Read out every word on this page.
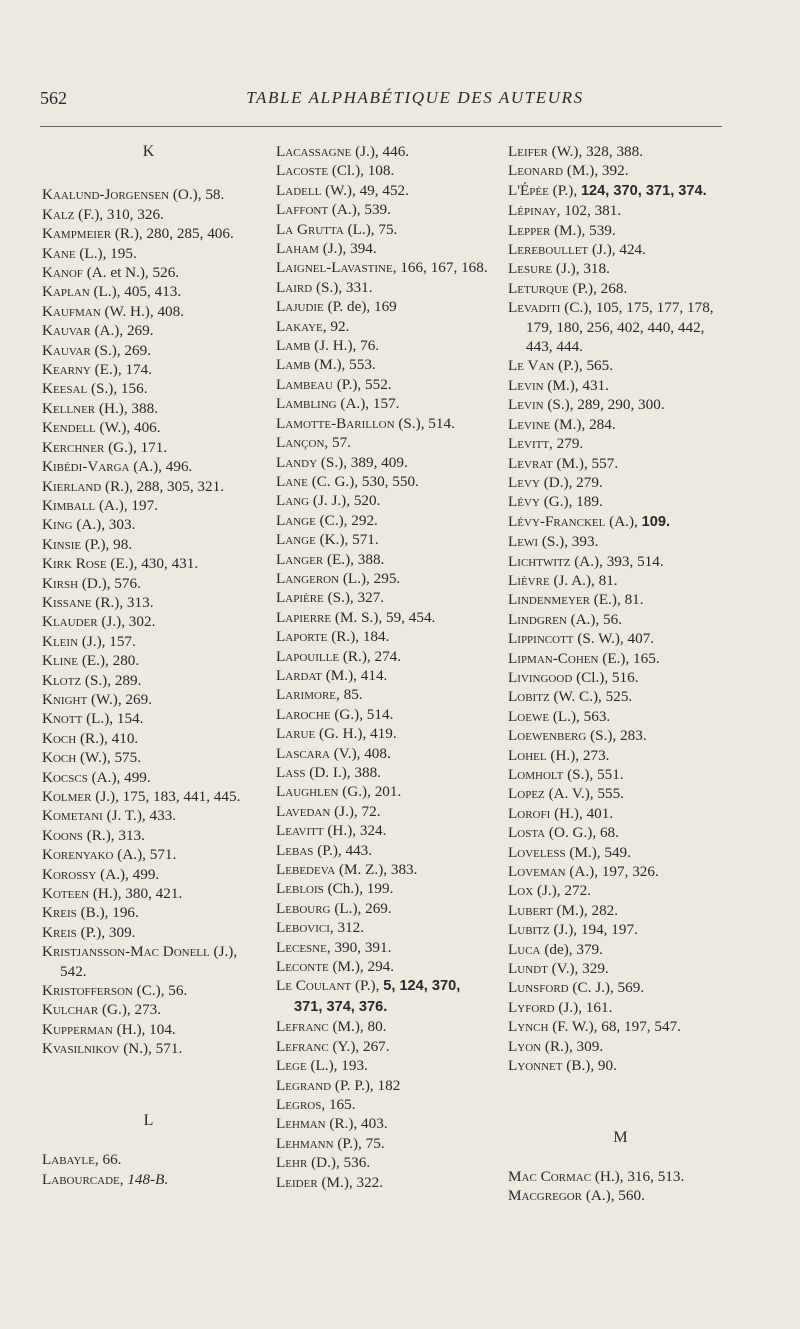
562	TABLE ALPHABÉTIQUE DES AUTEURS
K
Kaalund-Jorgensen (O.), 58.
Kalz (F.), 310, 326.
Kampmeier (R.), 280, 285, 406.
Kane (L.), 195.
Kanof (A. et N.), 526.
Kaplan (L.), 405, 413.
Kaufman (W. H.), 408.
Kauvar (A.), 269.
Kauvar (S.), 269.
Kearny (E.), 174.
Keesal (S.), 156.
Kellner (H.), 388.
Kendell (W.), 406.
Kerchner (G.), 171.
Kibédi-Varga (A.), 496.
Kierland (R.), 288, 305, 321.
Kimball (A.), 197.
King (A.), 303.
Kinsie (P.), 98.
Kirk Rose (E.), 430, 431.
Kirsh (D.), 576.
Kissane (R.), 313.
Klauder (J.), 302.
Klein (J.), 157.
Kline (E.), 280.
Klotz (S.), 289.
Knight (W.), 269.
Knott (L.), 154.
Koch (R.), 410.
Koch (W.), 575.
Kocscs (A.), 499.
Kolmer (J.), 175, 183, 441, 445.
Kometani (J. T.), 433.
Koons (R.), 313.
Korenyako (A.), 571.
Korossy (A.), 499.
Koteen (H.), 380, 421.
Kreis (B.), 196.
Kreis (P.), 309.
Kristjansson-Mac Donell (J.), 542.
Kristofferson (C.), 56.
Kulchar (G.), 273.
Kupperman (H.), 104.
Kvasilnikov (N.), 571.
L
Labayle, 66.
Labourcade, 148-B.
Lacassagne (J.), 446.
Lacoste (Cl.), 108.
Ladell (W.), 49, 452.
Laffont (A.), 539.
La Grutta (L.), 75.
Laham (J.), 394.
Laignel-Lavastine, 166, 167, 168.
Laird (S.), 331.
Lajudie (P. de), 169
Lakaye, 92.
Lamb (J. H.), 76.
Lamb (M.), 553.
Lambeau (P.), 552.
Lambling (A.), 157.
Lamotte-Barillon (S.), 514.
Lançon, 57.
Landy (S.), 389, 409.
Lane (C. G.), 530, 550.
Lang (J. J.), 520.
Lange (C.), 292.
Lange (K.), 571.
Langer (E.), 388.
Langeron (L.), 295.
Lapière (S.), 327.
Lapierre (M. S.), 59, 454.
Laporte (R.), 184.
Lapouille (R.), 274.
Lardat (M.), 414.
Larimore, 85.
Laroche (G.), 514.
Larue (G. H.), 419.
Lascara (V.), 408.
Lass (D. I.), 388.
Laughlen (G.), 201.
Lavedan (J.), 72.
Leavitt (H.), 324.
Lebas (P.), 443.
Lebedeva (M. Z.), 383.
Leblois (Ch.), 199.
Lebourg (L.), 269.
Lebovici, 312.
Lecesne, 390, 391.
Leconte (M.), 294.
Le Coulant (P.), 5, 124, 370, 371, 374, 376.
Lefranc (M.), 80.
Lefranc (Y.), 267.
Lege (L.), 193.
Legrand (P. P.), 182
Legros, 165.
Lehman (R.), 403.
Lehmann (P.), 75.
Lehr (D.), 536.
Leider (M.), 322.
Leifer (W.), 328, 388.
Leonard (M.), 392.
L'Épée (P.), 124, 370, 371, 374.
Lépinay, 102, 381.
Lepper (M.), 539.
Lereboullet (J.), 424.
Lesure (J.), 318.
Leturque (P.), 268.
Levaditi (C.), 105, 175, 177, 178, 179, 180, 256, 402, 440, 442, 443, 444.
Le Van (P.), 565.
Levin (M.), 431.
Levin (S.), 289, 290, 300.
Levine (M.), 284.
Levitt, 279.
Levrat (M.), 557.
Levy (D.), 279.
Lévy (G.), 189.
Lévy-Franckel (A.), 109.
Lewi (S.), 393.
Lichtwitz (A.), 393, 514.
Lièvre (J. A.), 81.
Lindenmeyer (E.), 81.
Lindgren (A.), 56.
Lippincott (S. W.), 407.
Lipman-Cohen (E.), 165.
Livingood (Cl.), 516.
Lobitz (W. C.), 525.
Loewe (L.), 563.
Loewenberg (S.), 283.
Lohel (H.), 273.
Lomholt (S.), 551.
Lopez (A. V.), 555.
Lorofi (H.), 401.
Losta (O. G.), 68.
Loveless (M.), 549.
Loveman (A.), 197, 326.
Lox (J.), 272.
Lubert (M.), 282.
Lubitz (J.), 194, 197.
Luca (de), 379.
Lundt (V.), 329.
Lunsford (C. J.), 569.
Lyford (J.), 161.
Lynch (F. W.), 68, 197, 547.
Lyon (R.), 309.
Lyonnet (B.), 90.
M
Mac Cormac (H.), 316, 513.
Macgregor (A.), 560.
